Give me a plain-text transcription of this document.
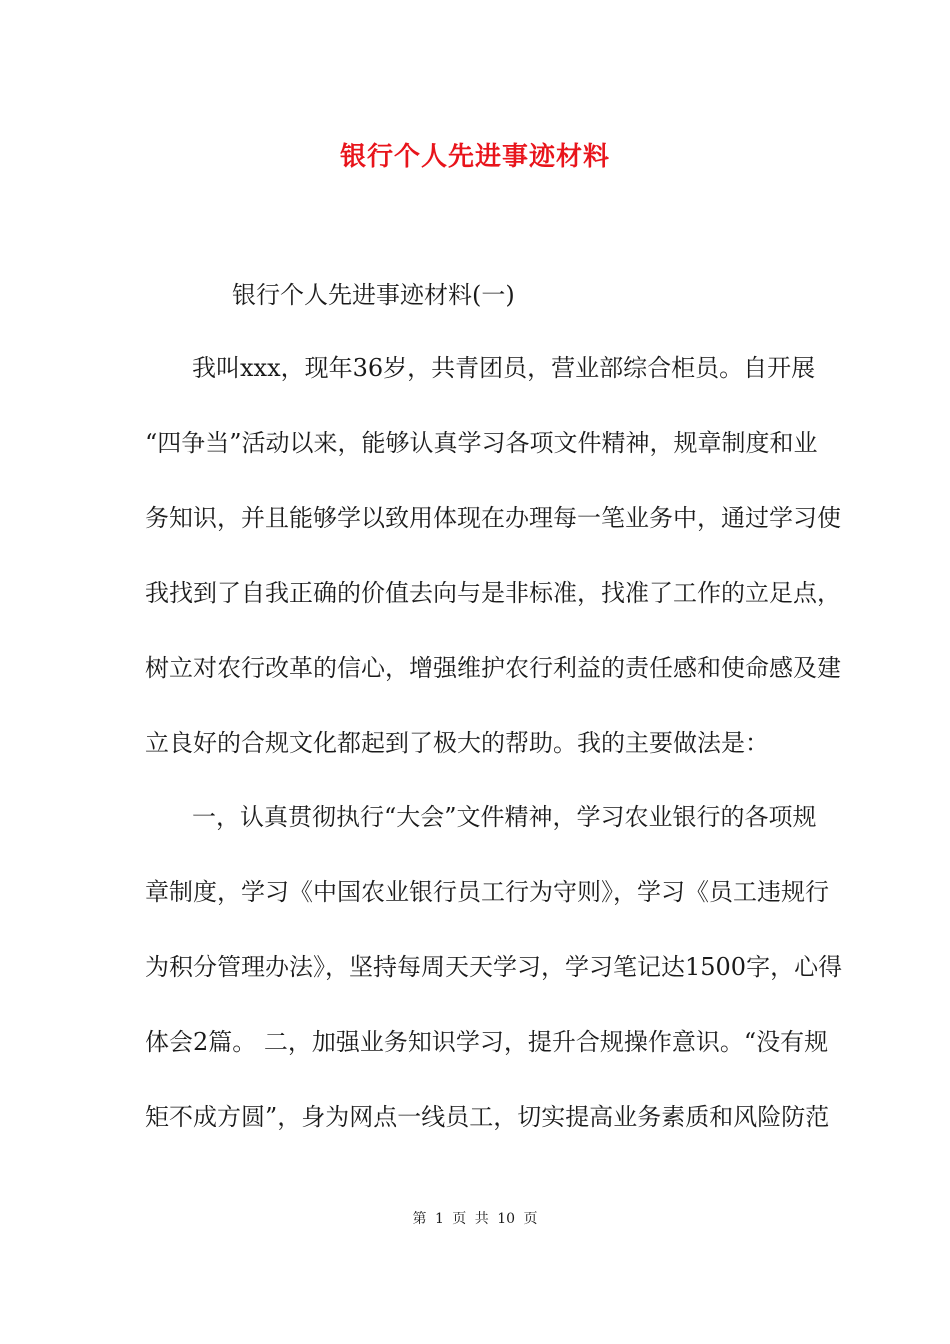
银行个人先进事迹材料
银行个人先进事迹材料(一)
我叫xxx，现年36岁，共青团员，营业部综合柜员。自开展
“四争当”活动以来，能够认真学习各项文件精神，规章制度和业
务知识，并且能够学以致用体现在办理每一笔业务中，通过学习使
我找到了自我正确的价值去向与是非标准，找准了工作的立足点，
树立对农行改革的信心，增强维护农行利益的责任感和使命感及建
立良好的合规文化都起到了极大的帮助。我的主要做法是：
一，认真贯彻执行“大会”文件精神，学习农业银行的各项规
章制度，学习《中国农业银行员工行为守则》，学习《员工违规行
为积分管理办法》，坚持每周天天学习，学习笔记达1500字，心得
体会2篇。 二，加强业务知识学习，提升合规操作意识。“没有规
矩不成方圆”，身为网点一线员工，切实提高业务素质和风险防范
第 1 页 共 10 页
